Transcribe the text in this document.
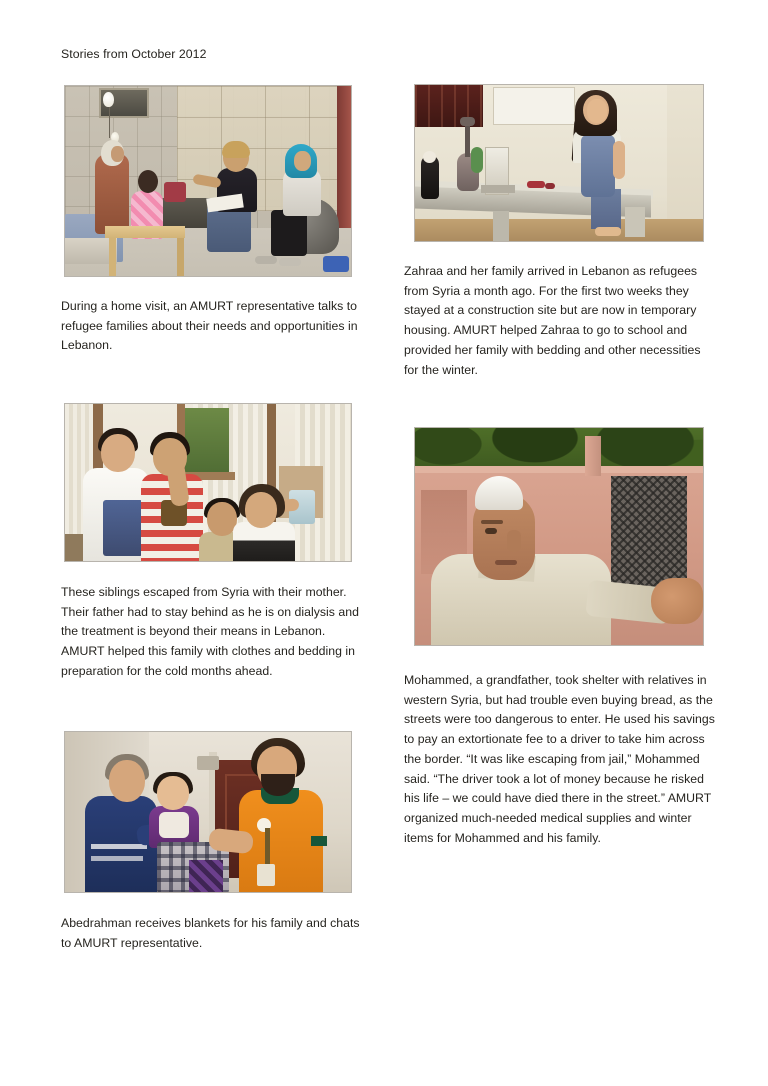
Stories from October 2012
During a home visit, an AMURT representative talks to refugee families about their needs and opportunities in Lebanon.
Zahraa and her family arrived in Lebanon as refugees from Syria a month ago. For the first two weeks they stayed at a construction site but are now in temporary housing. AMURT helped Zahraa to go to school and provided her family with bedding and other necessities for the winter.
These siblings escaped from Syria with their mother. Their father had to stay behind as he is on dialysis and the treatment is beyond their means in Lebanon. AMURT helped this family with clothes and bedding in preparation for the cold months ahead.
Mohammed, a grandfather, took shelter with relatives in western Syria, but had trouble even buying bread, as the streets were too dangerous to enter. He used his savings to pay an extortionate fee to a driver to take him across the border. “It was like escaping from jail,” Mohammed said. “The driver took a lot of money because he risked his life – we could have died there in the street.” AMURT organized much-needed medical supplies and winter items for Mohammed and his family.
Abedrahman receives blankets for his family and chats to AMURT representative.
